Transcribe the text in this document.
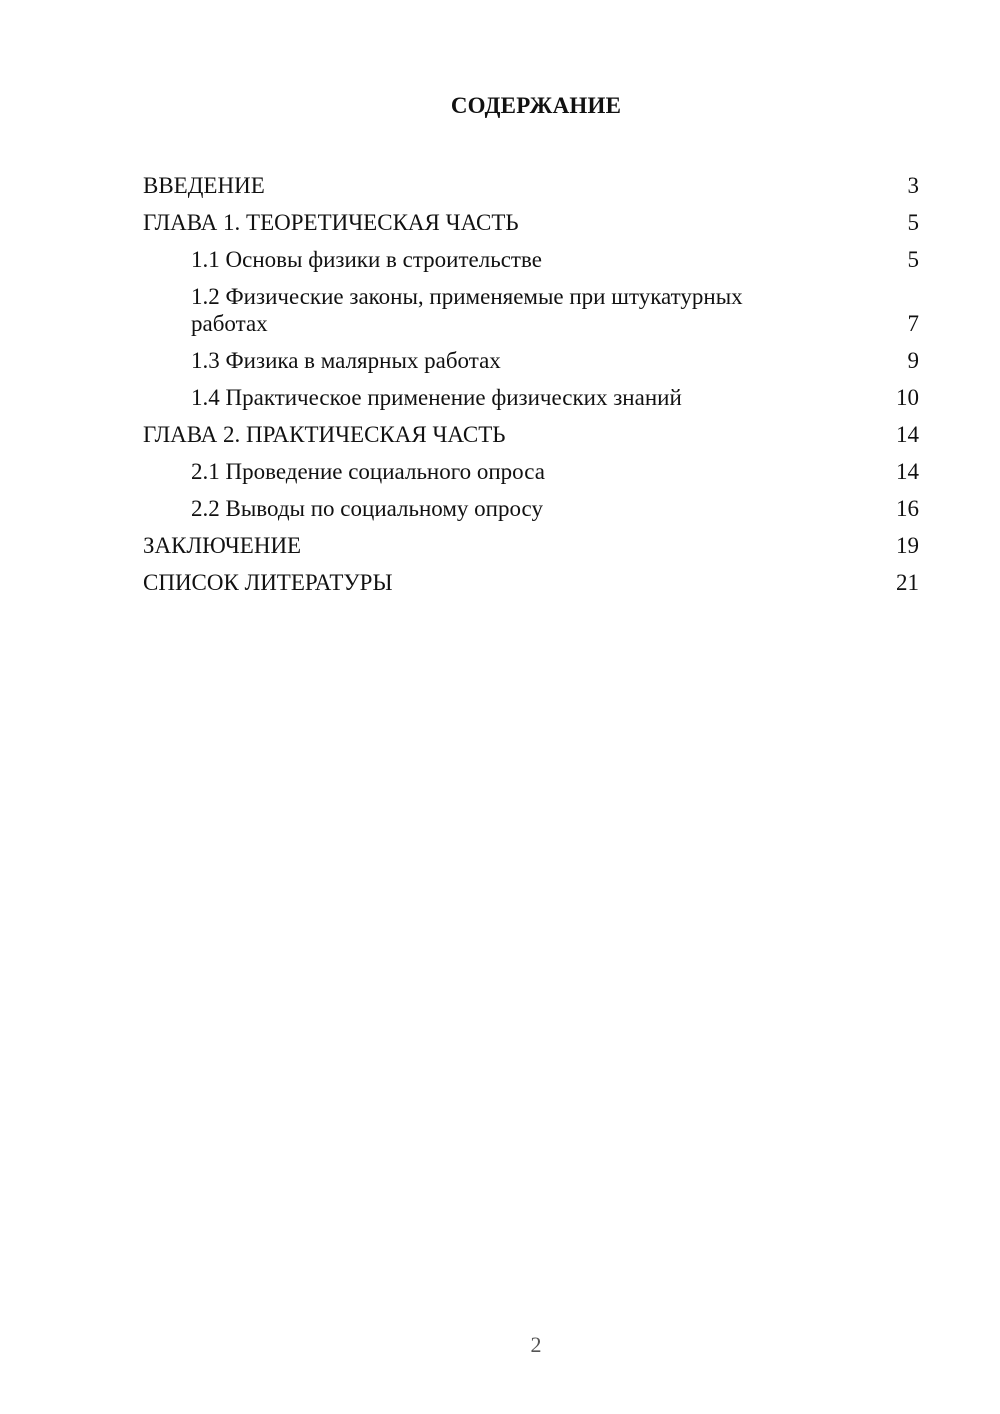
СОДЕРЖАНИЕ
ВВЕДЕНИЕ	3
ГЛАВА 1. ТЕОРЕТИЧЕСКАЯ ЧАСТЬ	5
1.1 Основы физики в строительстве	5
1.2 Физические законы, применяемые при штукатурных работах	7
1.3 Физика в малярных работах	9
1.4 Практическое применение физических знаний	10
ГЛАВА 2. ПРАКТИЧЕСКАЯ ЧАСТЬ	14
2.1 Проведение социального опроса	14
2.2 Выводы по социальному опросу	16
ЗАКЛЮЧЕНИЕ	19
СПИСОК ЛИТЕРАТУРЫ	21
2
